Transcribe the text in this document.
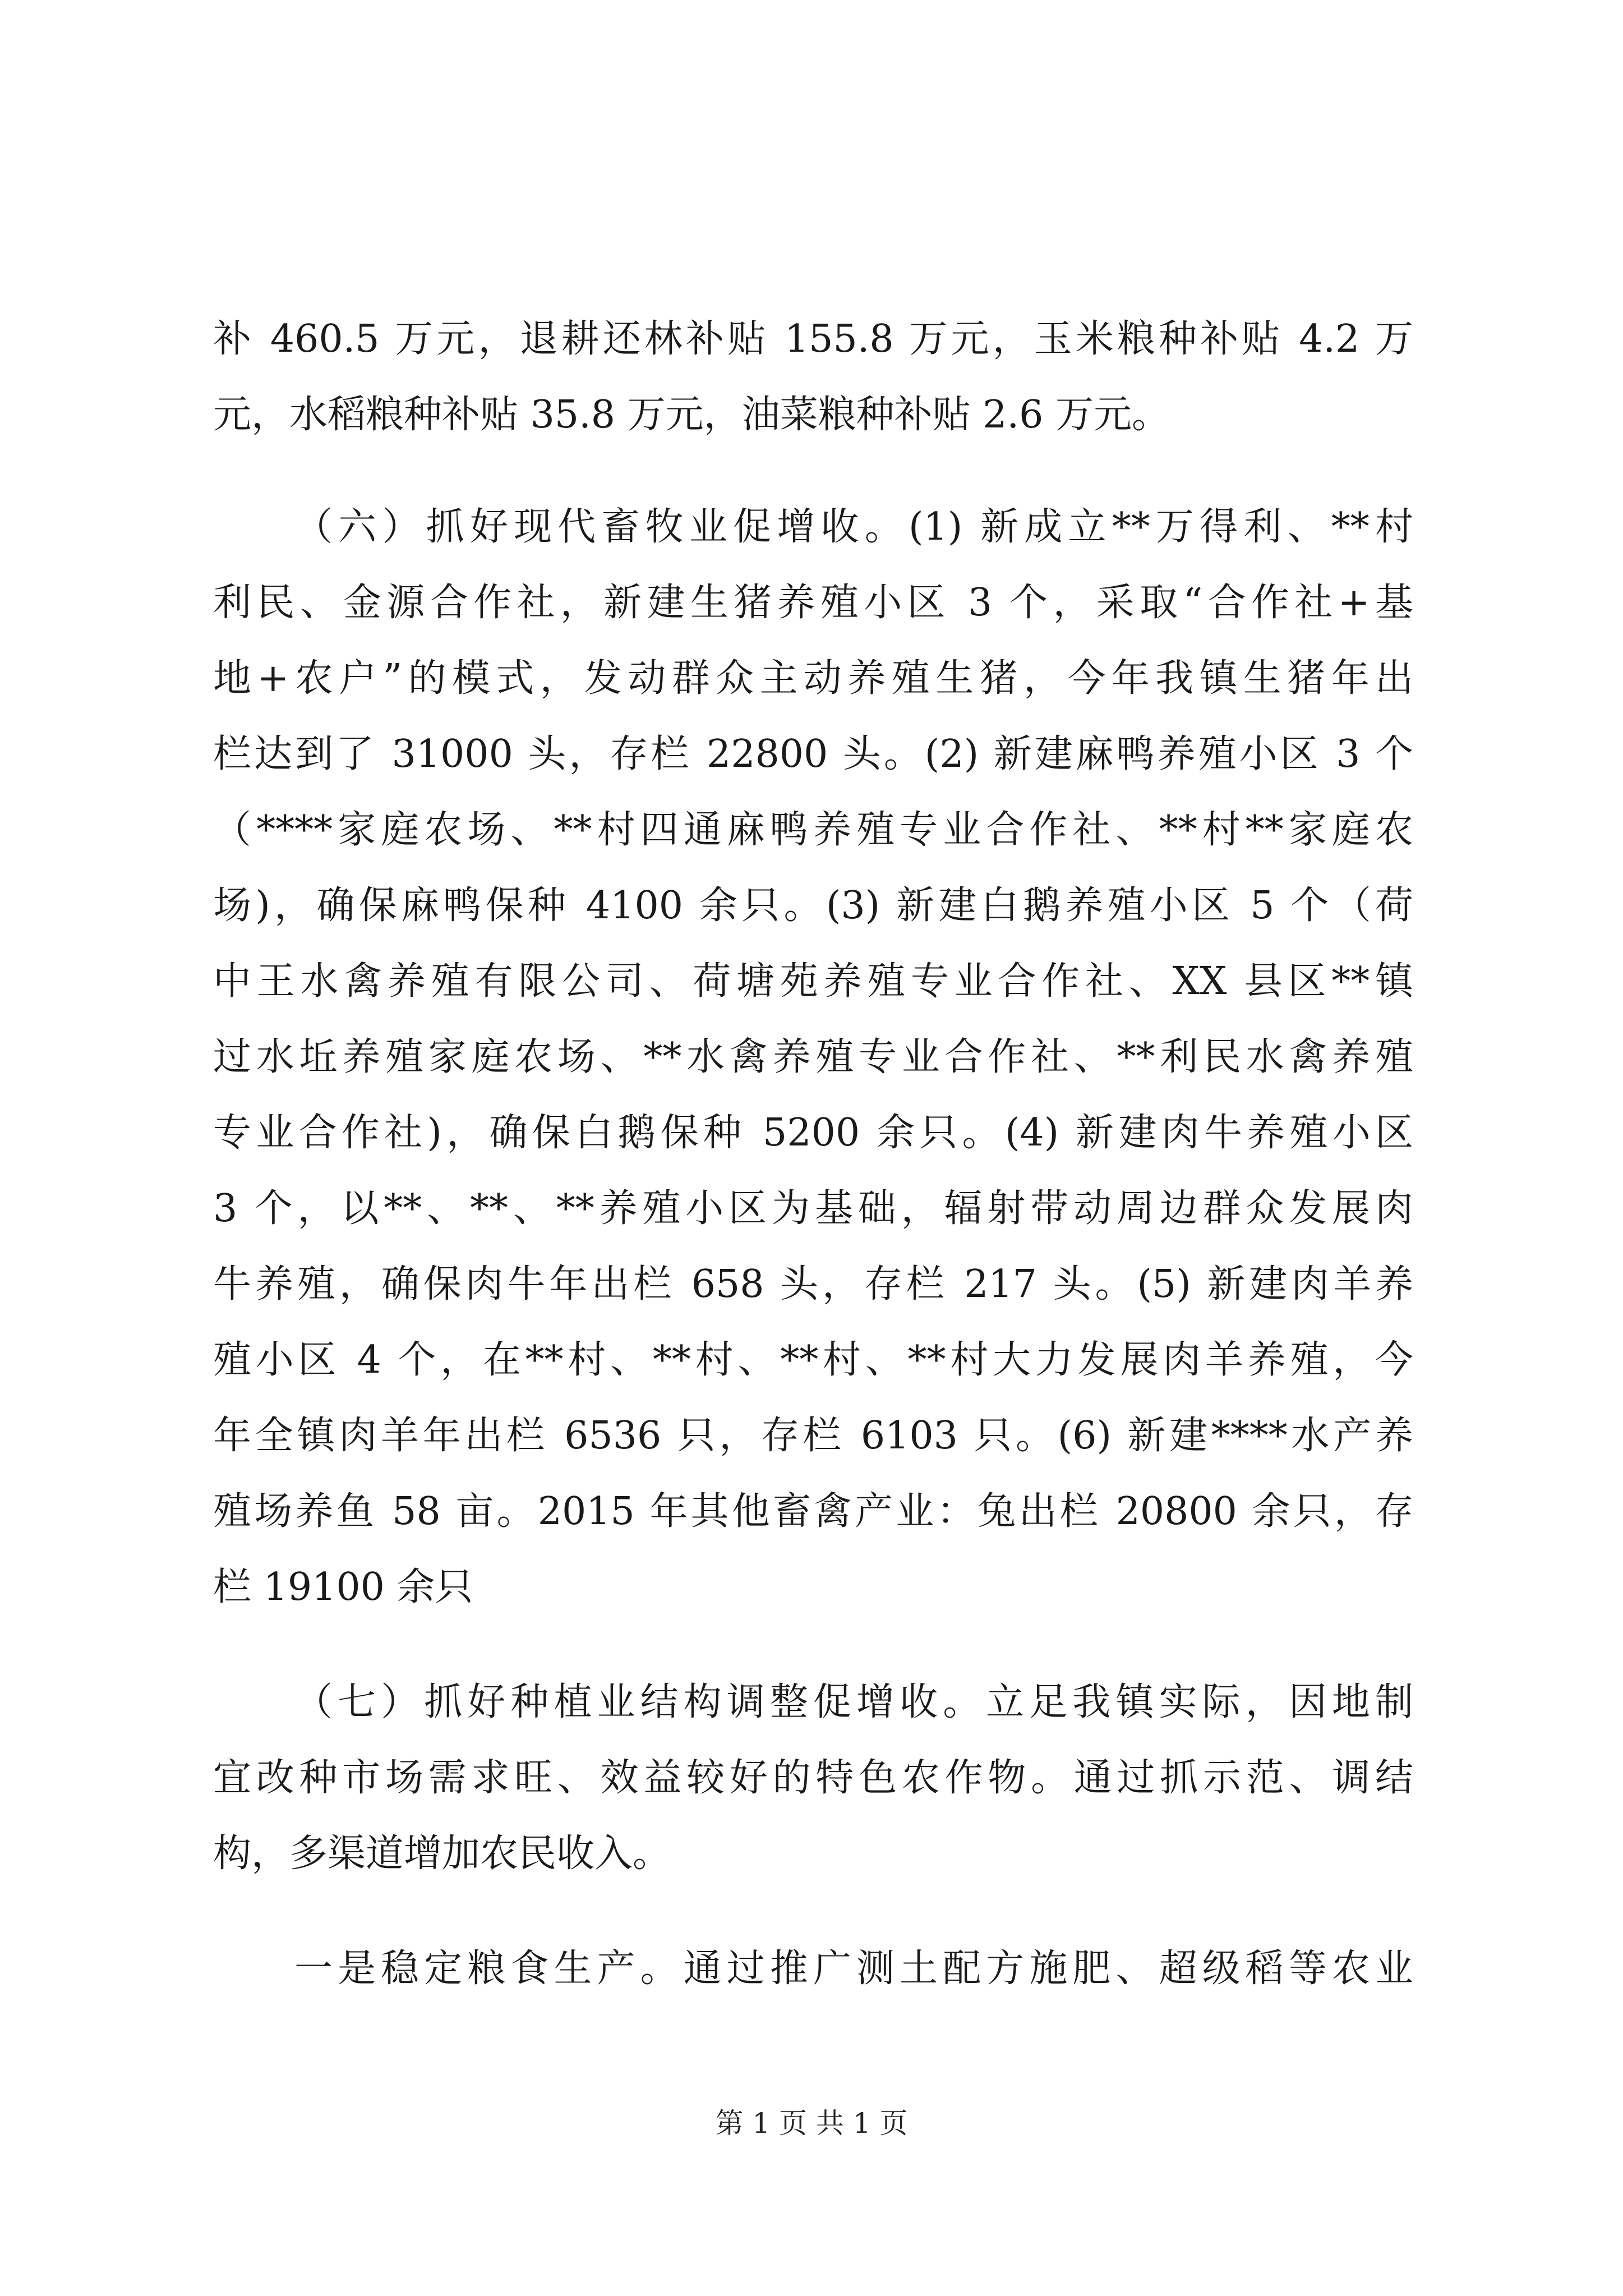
补 460.5 万元，退耕还林补贴 155.8 万元，玉米粮种补贴 4.2 万
元，水稻粮种补贴 35.8 万元，油菜粮种补贴 2.6 万元。
（六）抓好现代畜牧业促增收。(1) 新成立**万得利、**村
利民、金源合作社，新建生猪养殖小区 3 个，采取“合作社+基
地+农户”的模式，发动群众主动养殖生猪，今年我镇生猪年出
栏达到了 31000 头，存栏 22800 头。(2) 新建麻鸭养殖小区 3 个
（****家庭农场、**村四通麻鸭养殖专业合作社、**村**家庭农
场)，确保麻鸭保种 4100 余只。(3) 新建白鹅养殖小区 5 个（荷
中王水禽养殖有限公司、荷塘苑养殖专业合作社、XX 县区**镇
过水坵养殖家庭农场、**水禽养殖专业合作社、**利民水禽养殖
专业合作社)，确保白鹅保种 5200 余只。(4) 新建肉牛养殖小区
3 个，以**、**、**养殖小区为基础，辐射带动周边群众发展肉
牛养殖，确保肉牛年出栏 658 头，存栏 217 头。(5) 新建肉羊养
殖小区 4 个，在**村、**村、**村、**村大力发展肉羊养殖，今
年全镇肉羊年出栏 6536 只，存栏 6103 只。(6) 新建****水产养
殖场养鱼 58 亩。2015 年其他畜禽产业：兔出栏 20800 余只，存
栏 19100 余只
（七）抓好种植业结构调整促增收。立足我镇实际，因地制
宜改种市场需求旺、效益较好的特色农作物。通过抓示范、调结
构，多渠道增加农民收入。
一是稳定粮食生产。通过推广测土配方施肥、超级稻等农业
第 1 页 共 1 页
